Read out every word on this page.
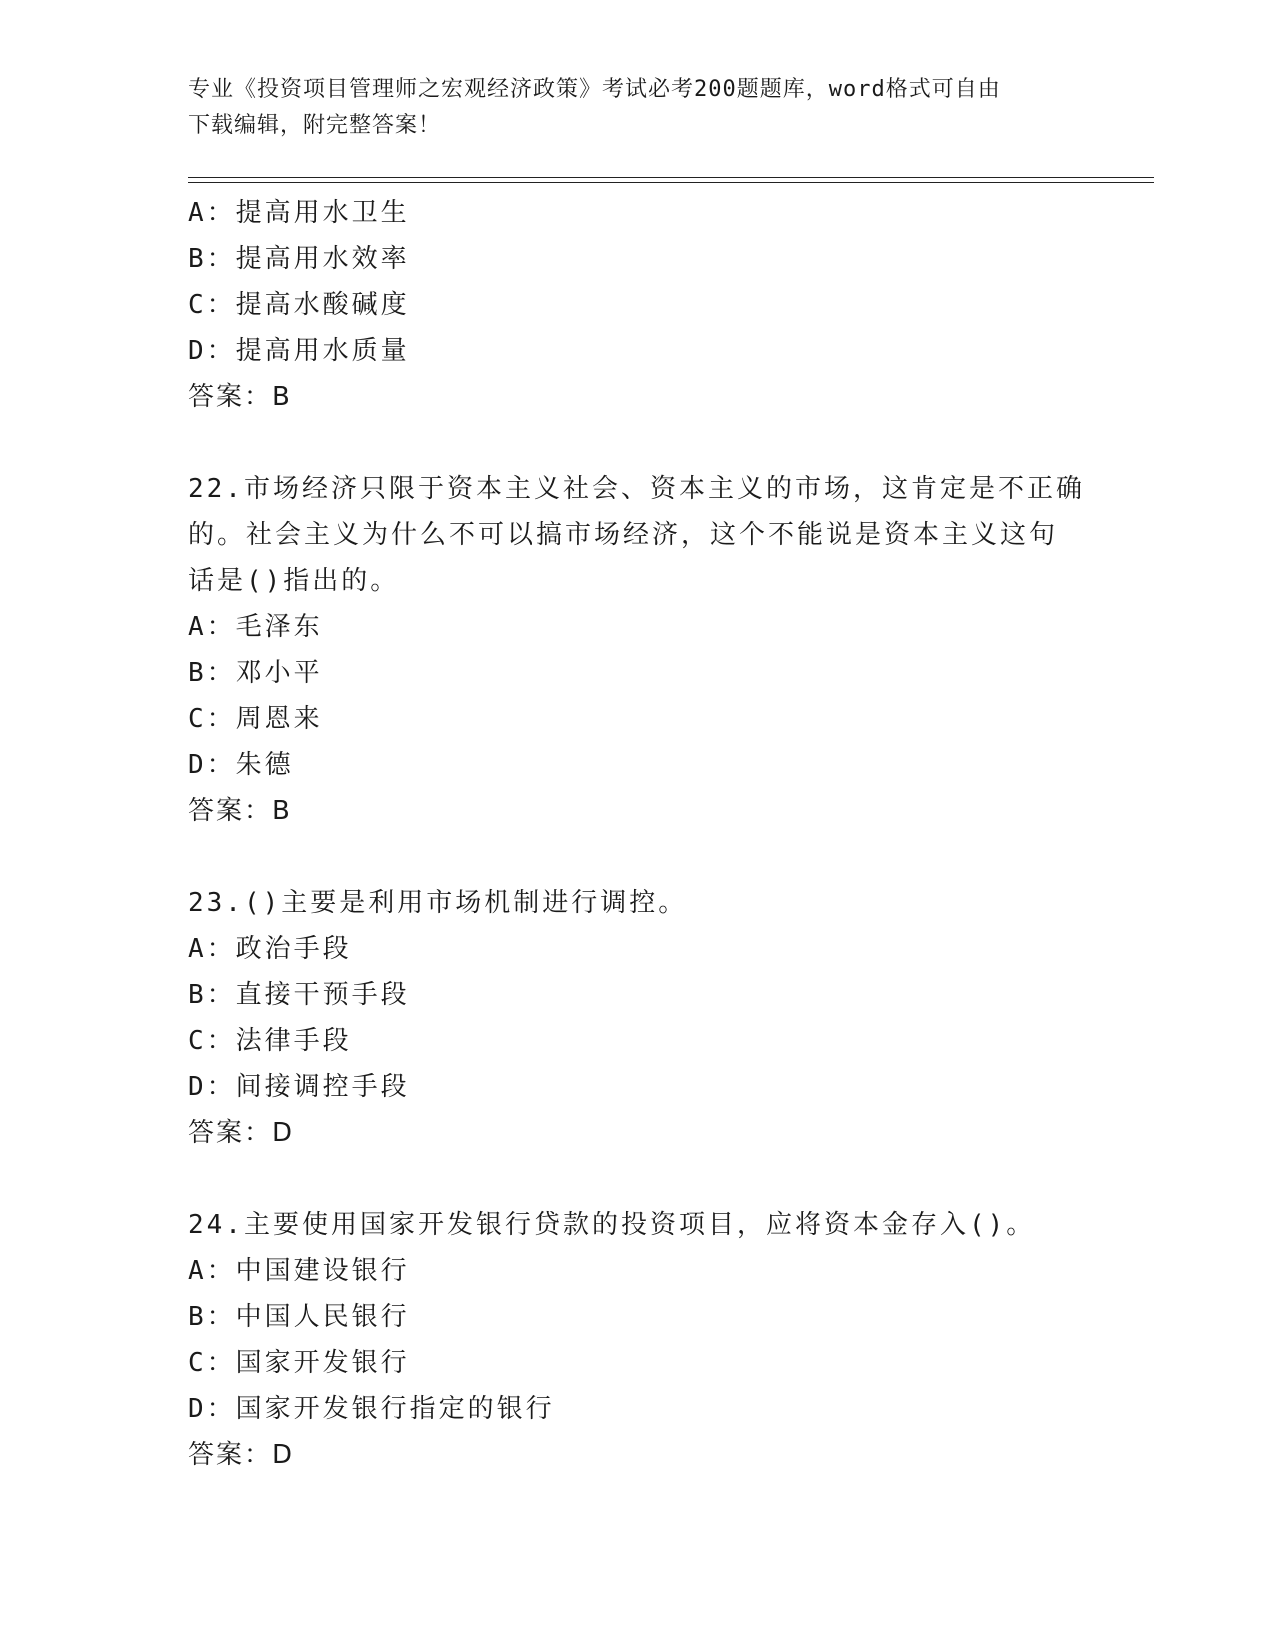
专业《投资项目管理师之宏观经济政策》考试必考200题题库，word格式可自由
下载编辑，附完整答案！
A：提高用水卫生
B：提高用水效率
C：提高水酸碱度
D：提高用水质量
答案：B
22.市场经济只限于资本主义社会、资本主义的市场，这肯定是不正确
的。社会主义为什么不可以搞市场经济，这个不能说是资本主义这句
话是()指出的。
A：毛泽东
B：邓小平
C：周恩来
D：朱德
答案：B
23.()主要是利用市场机制进行调控。
A：政治手段
B：直接干预手段
C：法律手段
D：间接调控手段
答案：D
24.主要使用国家开发银行贷款的投资项目，应将资本金存入()。
A：中国建设银行
B：中国人民银行
C：国家开发银行
D：国家开发银行指定的银行
答案：D
